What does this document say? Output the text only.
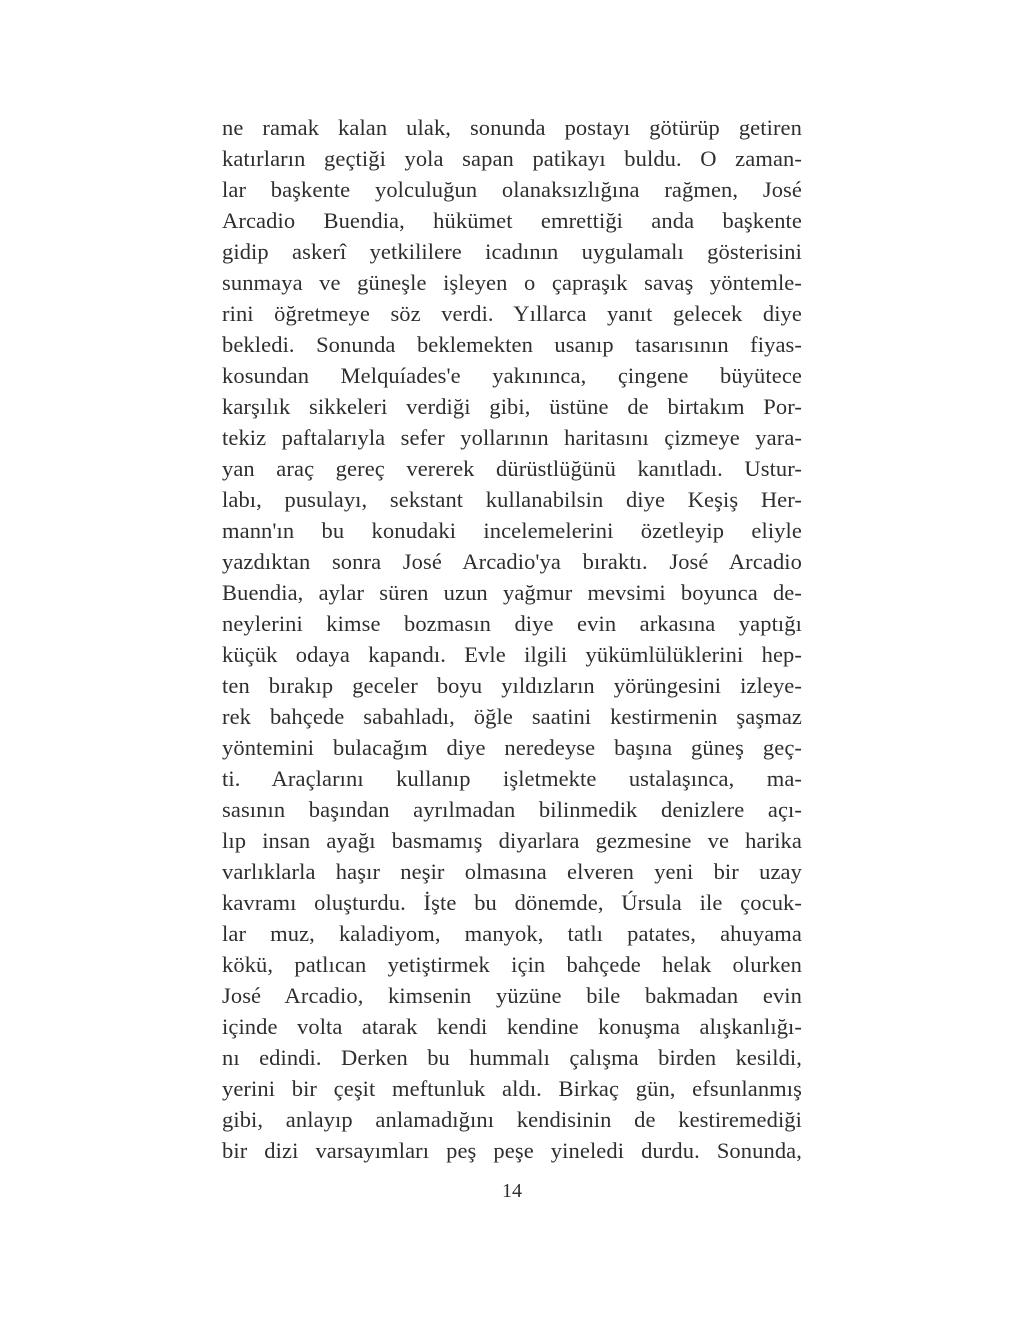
ne ramak kalan ulak, sonunda postayı götürüp getiren
katırların geçtiği yola sapan patikayı buldu. O zaman-
lar başkente yolculuğun olanaksızlığına rağmen, José
Arcadio Buendia, hükümet emrettiği anda başkente
gidip askerî yetkililere icadının uygulamalı gösterisini
sunmaya ve güneşle işleyen o çapraşık savaş yöntemle-
rini öğretmeye söz verdi. Yıllarca yanıt gelecek diye
bekledi. Sonunda beklemekten usanıp tasarısının fiyas-
kosundan Melquíades'e yakınınca, çingene büyütece
karşılık sikkeleri verdiği gibi, üstüne de birtakım Por-
tekiz paftalarıyla sefer yollarının haritasını çizmeye yara-
yan araç gereç vererek dürüstlüğünü kanıtladı. Ustur-
labı, pusulayı, sekstant kullanabilsin diye Keşiş Her-
mann'ın bu konudaki incelemelerini özetleyip eliyle
yazdıktan sonra José Arcadio'ya bıraktı. José Arcadio
Buendia, aylar süren uzun yağmur mevsimi boyunca de-
neylerini kimse bozmasın diye evin arkasına yaptığı
küçük odaya kapandı. Evle ilgili yükümlülüklerini hep-
ten bırakıp geceler boyu yıldızların yörüngesini izleye-
rek bahçede sabahladı, öğle saatini kestirmenin şaşmaz
yöntemini bulacağım diye neredeyse başına güneş geç-
ti. Araçlarını kullanıp işletmekte ustalaşınca, ma-
sasının başından ayrılmadan bilinmedik denizlere açı-
lıp insan ayağı basmamış diyarlara gezmesine ve harika
varlıklarla haşır neşir olmasına elveren yeni bir uzay
kavramı oluşturdu. İşte bu dönemde, Úrsula ile çocuk-
lar muz, kaladiyom, manyok, tatlı patates, ahuyama
kökü, patlıcan yetiştirmek için bahçede helak olurken
José Arcadio, kimsenin yüzüne bile bakmadan evin
içinde volta atarak kendi kendine konuşma alışkanlığı-
nı edindi. Derken bu hummalı çalışma birden kesildi,
yerini bir çeşit meftunluk aldı. Birkaç gün, efsunlanmış
gibi, anlayıp anlamadığını kendisinin de kestiremediği
bir dizi varsayımları peş peşe yineledi durdu. Sonunda,
14
